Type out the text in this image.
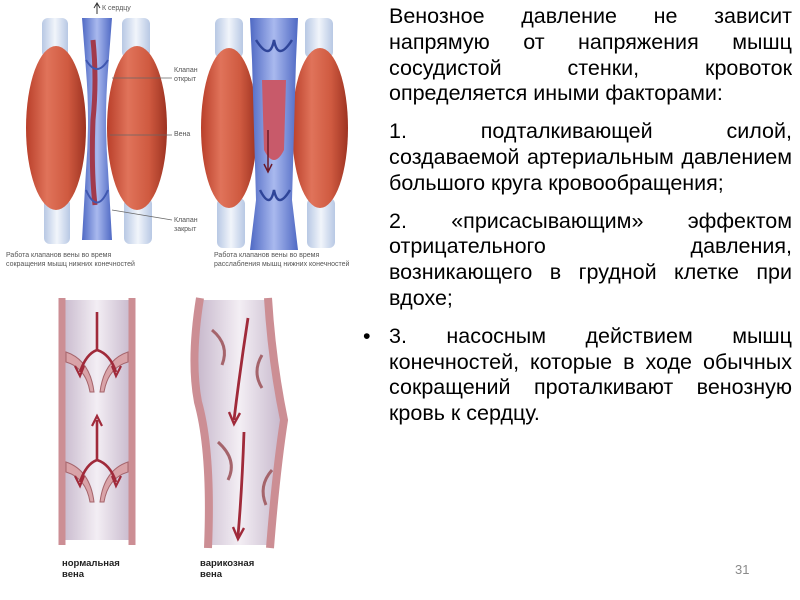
К сердцу
Клапан
открыт
Вена
Клапан
закрыт
Работа клапанов вены во время
сокращения мышц нижних конечностей
Работа клапанов вены во время
расслабления мышц нижних конечностей
нормальная
вена
варикозная
вена

Венозное давление не зависит напрямую от напряжения мышц сосудистой стенки, кровоток определяется иными факторами:

1. подталкивающей силой, создаваемой артериальным давлением большого круга кровообращения;

2. «присасывающим» эффектом отрицательного давления, возникающего в грудной клетке при вдохе;

• 3. насосным действием мышц конечностей, которые в ходе обычных сокращений проталкивают венозную кровь к сердцу.
31
